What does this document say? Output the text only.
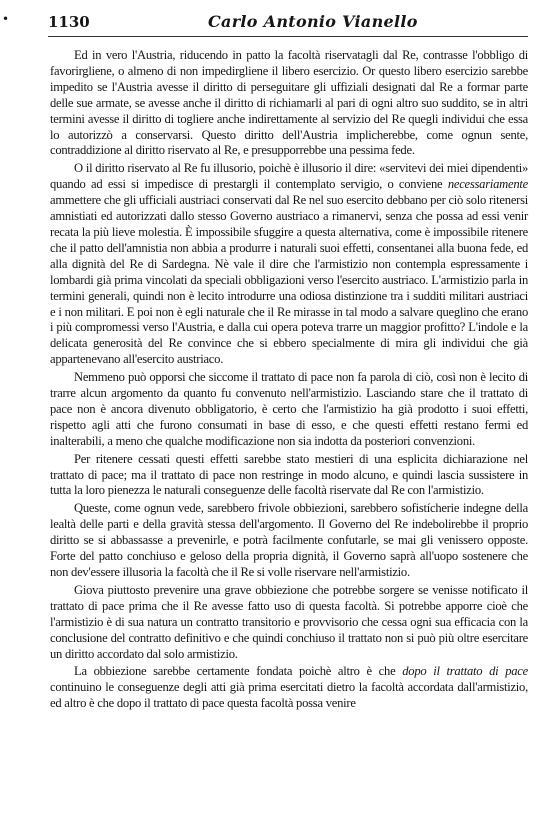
•	1130	Carlo Antonio Vianello

Ed in vero l'Austria, riducendo in patto la facoltà riservatagli dal Re, contrasse l'obbligo di favorirgliene, o almeno di non impedirgliene il libero esercizio. Or questo libero esercizio sarebbe impedito se l'Austria avesse il diritto di perseguitare gli uffiziali designati dal Re a formar parte delle sue armate, se avesse anche il diritto di richiamarli al pari di ogni altro suo suddito, se in altri termini avesse il diritto di togliere anche indirettamente al servizio del Re quegli individui che essa lo autorizzò a conservarsi. Questo diritto dell'Austria implicherebbe, come ognun sente, contraddizione al diritto riservato al Re, e presupporrebbe una pessima fede.

O il diritto riservato al Re fu illusorio, poichè è illusorio il dire: «servitevi dei miei dipendenti» quando ad essi si impedisce di prestargli il contemplato servigio, o conviene necessariamente ammettere che gli ufficiali austriaci conservati dal Re nel suo esercito debbano per ciò solo ritenersi amnistiati ed autorizzati dallo stesso Governo austriaco a rimanervi, senza che possa ad essi venir recata la più lieve molestia. È impossibile sfuggire a questa alternativa, come è impossibile ritenere che il patto dell'amnistia non abbia a produrre i naturali suoi effetti, consentanei alla buona fede, ed alla dignità del Re di Sardegna. Nè vale il dire che l'armistizio non contempla espressamente i lombardi già prima vincolati da speciali obbligazioni verso l'esercito austriaco. L'armistizio parla in termini generali, quindi non è lecito introdurre una odiosa distinzione tra i sudditi militari austriaci e i non militari. E poi non è egli naturale che il Re mirasse in tal modo a salvare queglino che erano i più compromessi verso l'Austria, e dalla cui opera poteva trarre un maggior profitto? L'indole e la delicata generosità del Re convince che si ebbero specialmente di mira gli individui che già appartenevano all'esercito austriaco.

Nemmeno può opporsi che siccome il trattato di pace non fa parola di ciò, così non è lecito di trarre alcun argomento da quanto fu convenuto nell'armistizio. Lasciando stare che il trattato di pace non è ancora divenuto obbligatorio, è certo che l'armistizio ha già prodotto i suoi effetti, rispetto agli atti che furono consumati in base di esso, e che questi effetti restano fermi ed inalterabili, a meno che qualche modificazione non sia indotta da posteriori convenzioni.

Per ritenere cessati questi effetti sarebbe stato mestieri di una esplicita dichiarazione nel trattato di pace; ma il trattato di pace non restringe in modo alcuno, e quindi lascia sussistere in tutta la loro pienezza le naturali conseguenze delle facoltà riservate dal Re con l'armistizio.

Queste, come ognun vede, sarebbero frivole obbiezioni, sarebbero sofistícherie indegne della lealtà delle parti e della gravità stessa dell'argomento. Il Governo del Re indebolirebbe il proprio diritto se si abbassasse a prevenirle, e potrà facilmente confutarle, se mai gli venissero opposte. Forte del patto conchiuso e geloso della propria dignità, il Governo saprà all'uopo sostenere che non dev'essere illusoria la facoltà che il Re si volle riservare nell'armistizio.

Giova piuttosto prevenire una grave obbiezione che potrebbe sorgere se venisse notificato il trattato di pace prima che il Re avesse fatto uso di questa facoltà. Si potrebbe apporre cioè che l'armistizio è di sua natura un contratto transitorio e provvisorio che cessa ogni sua efficacia con la conclusione del contratto definitivo e che quindi conchiuso il trattato non si può più oltre esercitare un diritto accordato dal solo armistizio.

La obbiezione sarebbe certamente fondata poichè altro è che dopo il trattato di pace continuino le conseguenze degli atti già prima esercitati dietro la facoltà accordata dall'armistizio, ed altro è che dopo il trattato di pace questa facoltà possa venire
